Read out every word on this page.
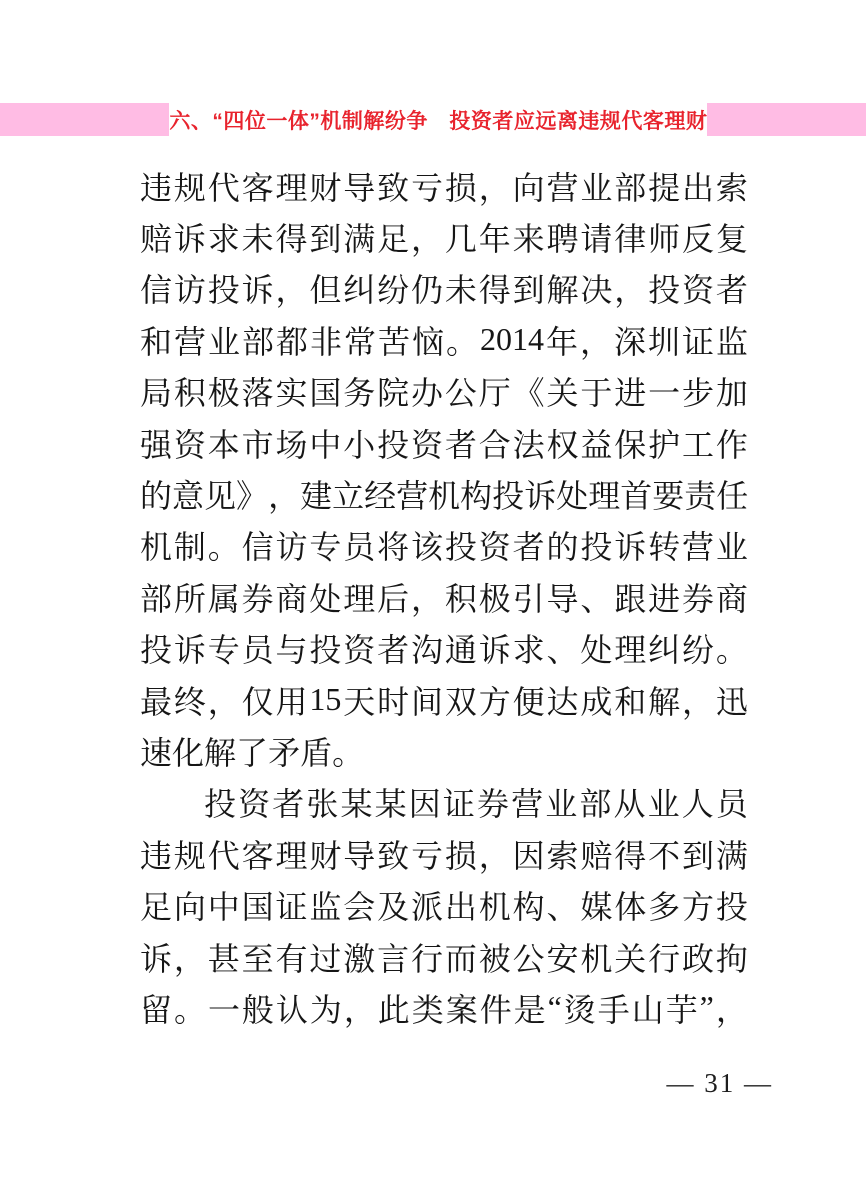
六、“四位一体”机制解纷争　投资者应远离违规代客理财
违 规 代 客 理 财 导 致 亏 损 ， 向 营 业 部 提 出 索
赔 诉 求 未 得 到 满 足 ， 几 年 来 聘 请 律 师 反 复
信 访 投 诉 ， 但 纠 纷 仍 未 得 到 解 决 ， 投 资 者
和 营 业 部 都 非 常 苦 恼 。 2014 年 ， 深 圳 证 监
局 积 极 落 实 国 务 院 办 公 厅 《 关 于 进 一 步 加
强 资 本 市 场 中 小 投 资 者 合 法 权 益 保 护 工 作
的 意 见 》 ， 建 立 经 营 机 构 投 诉 处 理 首 要 责 任
机 制 。 信 访 专 员 将 该 投 资 者 的 投 诉 转 营 业
部 所 属 券 商 处 理 后 ， 积 极 引 导 、 跟 进 券 商
投 诉 专 员 与 投 资 者 沟 通 诉 求 、 处 理 纠 纷 。
最 终 ， 仅 用 15 天 时 间 双 方 便 达 成 和 解 ， 迅
速 化 解 了 矛 盾 。
投 资 者 张 某 某 因 证 券 营 业 部 从 业 人 员
违 规 代 客 理 财 导 致 亏 损 ， 因 索 赔 得 不 到 满
足 向 中 国 证 监 会 及 派 出 机 构 、 媒 体 多 方 投
诉 ， 甚 至 有 过 激 言 行 而 被 公 安 机 关 行 政 拘
留 。 一 般 认 为 ， 此 类 案 件 是 “ 烫 手 山 芋 ” ，
— 31 —
